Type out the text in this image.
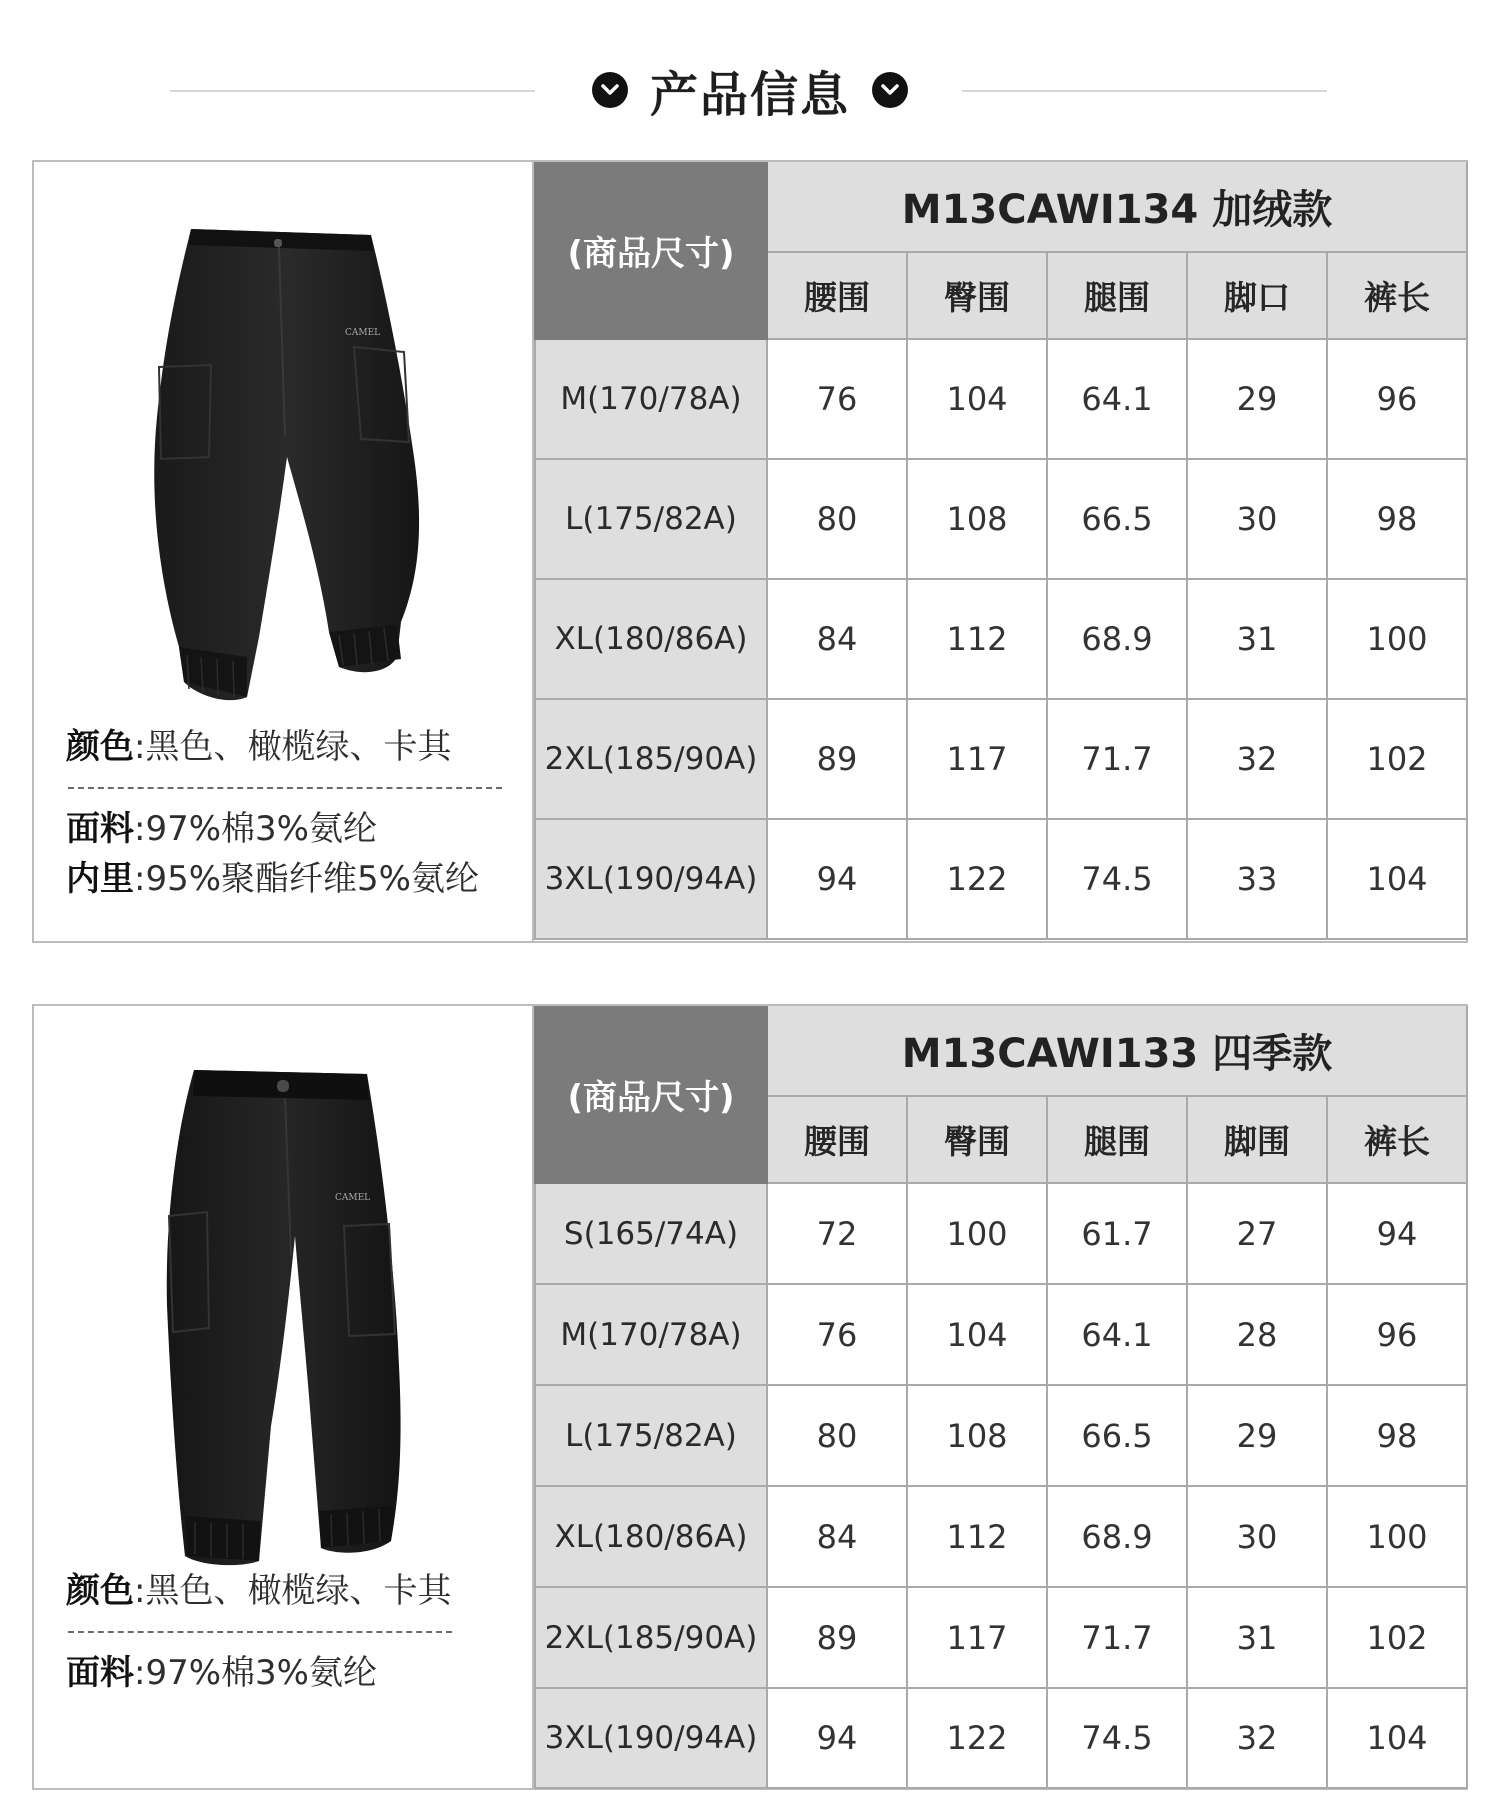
产品信息
CAMEL
颜色:黑色、橄榄绿、卡其
面料:97%棉3%氨纶
内里:95%聚酯纤维5%氨纶
(商品尺寸)	M13CAWI134 加绒款				
	腰围	臀围	腿围	脚口	裤长
M(170/78A)	76	104	64.1	29	96
L(175/82A)	80	108	66.5	30	98
XL(180/86A)	84	112	68.9	31	100
2XL(185/90A)	89	117	71.7	32	102
3XL(190/94A)	94	122	74.5	33	104
CAMEL
颜色:黑色、橄榄绿、卡其
面料:97%棉3%氨纶
(商品尺寸)	M13CAWI133 四季款				
	腰围	臀围	腿围	脚围	裤长
S(165/74A)	72	100	61.7	27	94
M(170/78A)	76	104	64.1	28	96
L(175/82A)	80	108	66.5	29	98
XL(180/86A)	84	112	68.9	30	100
2XL(185/90A)	89	117	71.7	31	102
3XL(190/94A)	94	122	74.5	32	104
